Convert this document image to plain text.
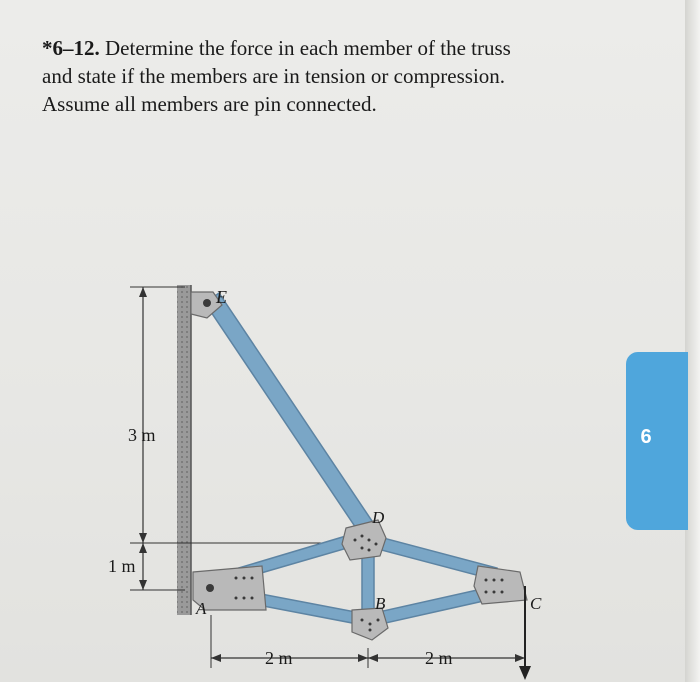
*6–12. Determine the force in each member of the truss
and state if the members are in tension or compression.
Assume all members are pin connected.
E
D
B
A	C
3 m
1 m
2 m	2 m
6
